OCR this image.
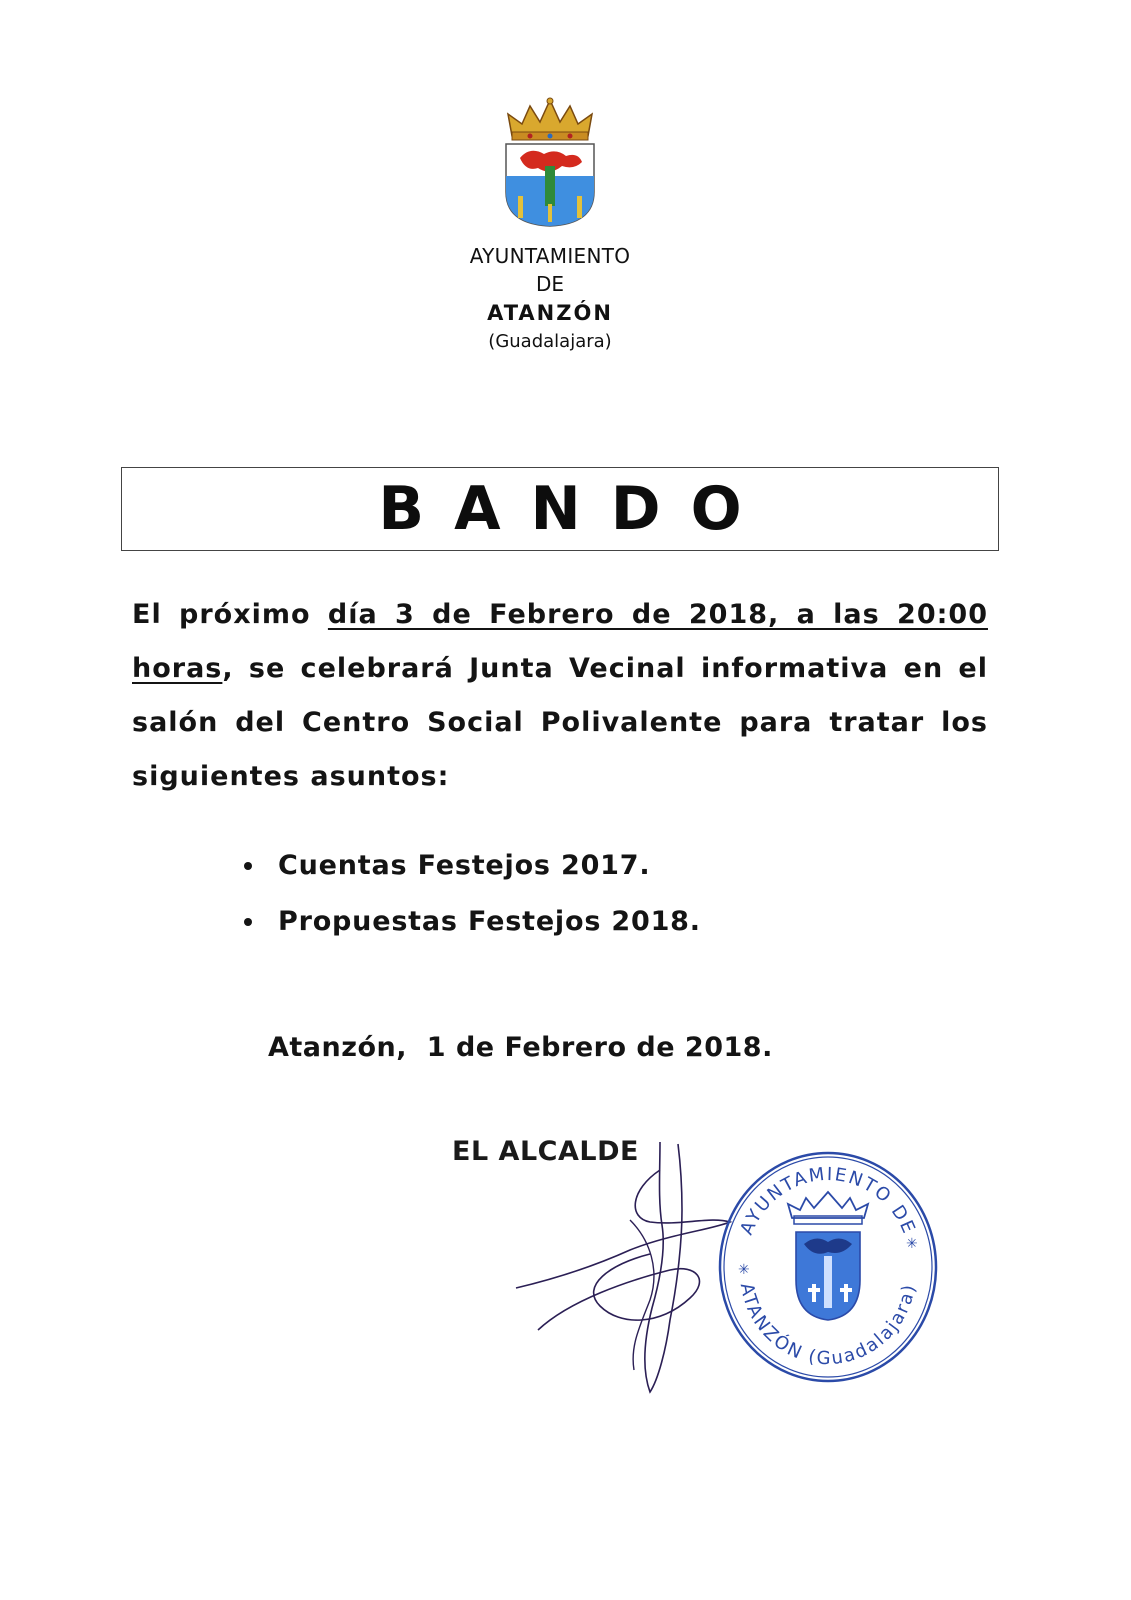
AYUNTAMIENTO
DE
ATANZÓN
(Guadalajara)
BANDO
El próximo día 3 de Febrero de 2018, a las 20:00 horas, se celebrará Junta Vecinal informativa en el salón del Centro Social Polivalente para tratar los siguientes asuntos:
Cuentas Festejos 2017.
Propuestas Festejos 2018.
Atanzón,  1 de Febrero de 2018.
EL ALCALDE
AYUNTAMIENTO DE
ATANZÓN (Guadalajara)
✳
✳
